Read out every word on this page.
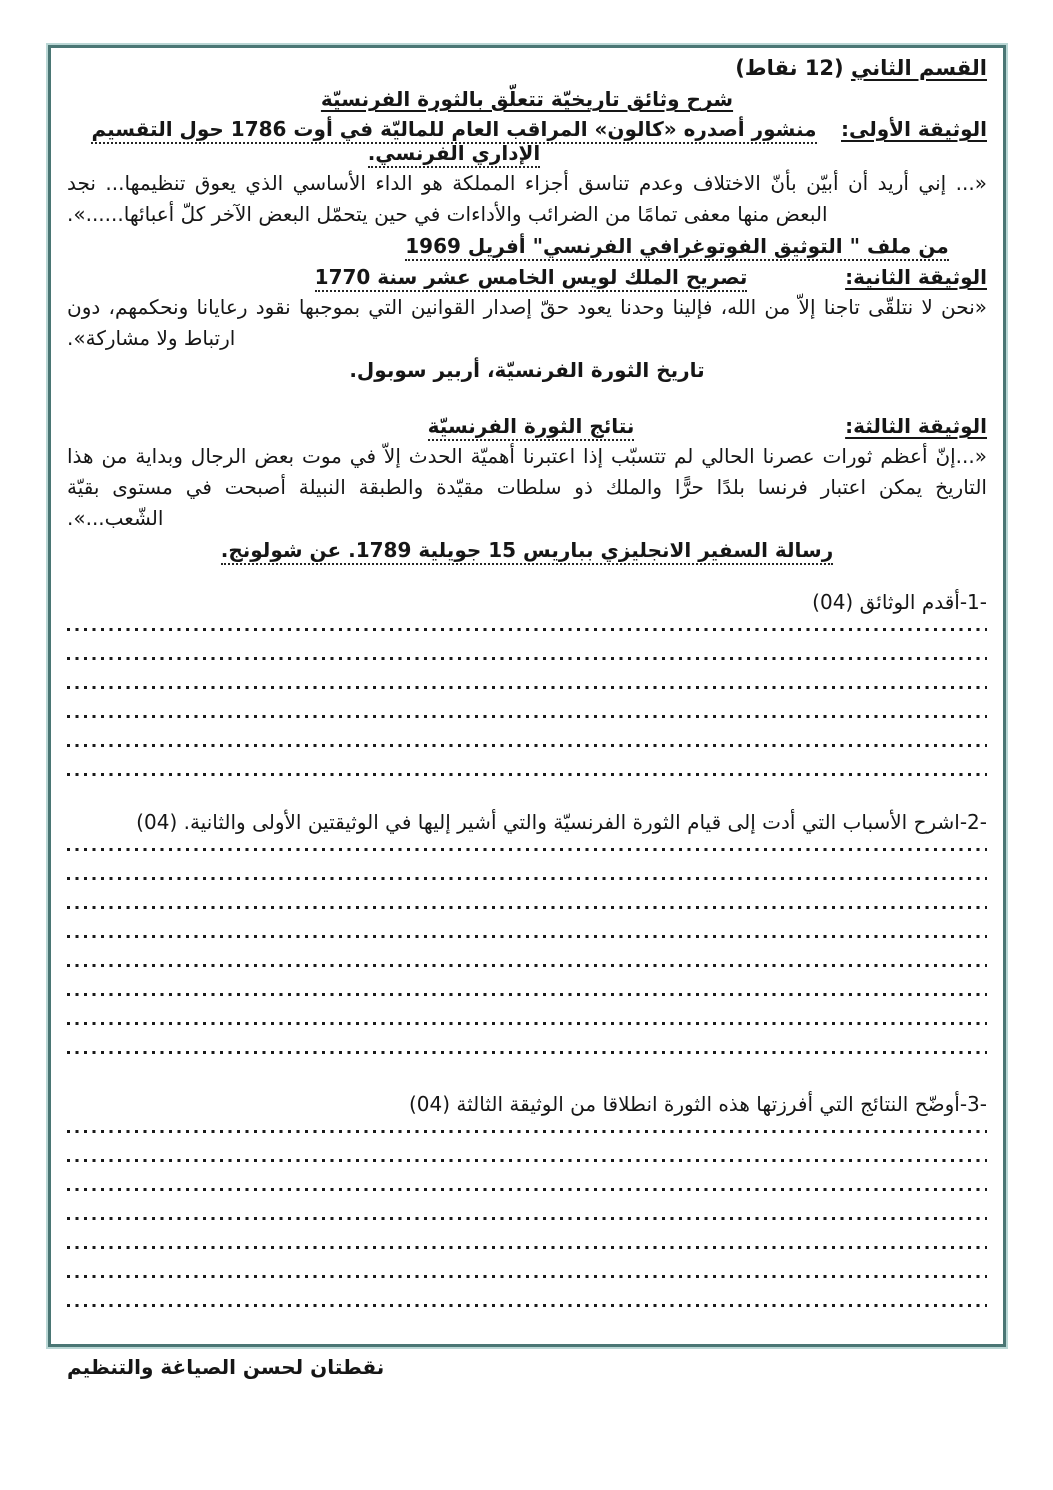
القسم الثاني (12 نقاط)
شرح وثائق تاريخيّة تتعلّق بالثورة الفرنسيّة
الوثيقة الأولى:
منشور أصدره «كالون» المراقب العام للماليّة في أوت 1786 حول التقسيم الإداري الفرنسي.
«... إني أريد أن أبيّن بأنّ الاختلاف وعدم تناسق أجزاء المملكة هو الداء الأساسي الذي يعوق تنظيمها... نجد البعض منها معفى تمامًا من الضرائب والأداءات في حين يتحمّل البعض الآخر كلّ أعبائها......».
من ملف " التوثيق الفوتوغرافي الفرنسي" أفريل 1969
الوثيقة الثانية:
تصريح الملك لويس الخامس عشر سنة 1770
«نحن لا نتلقّى تاجنا إلاّ من الله، فإلينا وحدنا يعود حقّ إصدار القوانين التي بموجبها نقود رعايانا ونحكمهم، دون ارتباط ولا مشاركة».
تاريخ الثورة الفرنسيّة، أربير سوبول.
الوثيقة الثالثة:
نتائج الثورة الفرنسيّة
«...إنّ أعظم ثورات عصرنا الحالي لم تتسبّب إذا اعتبرنا أهميّة الحدث إلاّ في موت بعض الرجال وبداية من هذا التاريخ يمكن اعتبار فرنسا بلدًا حرًّا والملك ذو سلطات مقيّدة والطبقة النبيلة أصبحت في مستوى بقيّة الشّعب...».
رسالة السفير الانجليزي بباريس 15 جويلية 1789. عن شولونج.
-1-أقدم الوثائق (04)
-2-اشرح الأسباب التي أدت إلى قيام الثورة الفرنسيّة والتي أشير إليها في الوثيقتين الأولى والثانية. (04)
-3-أوضّح النتائج التي أفرزتها هذه الثورة انطلاقا من الوثيقة الثالثة (04)
نقطتان لحسن الصياغة والتنظيم
